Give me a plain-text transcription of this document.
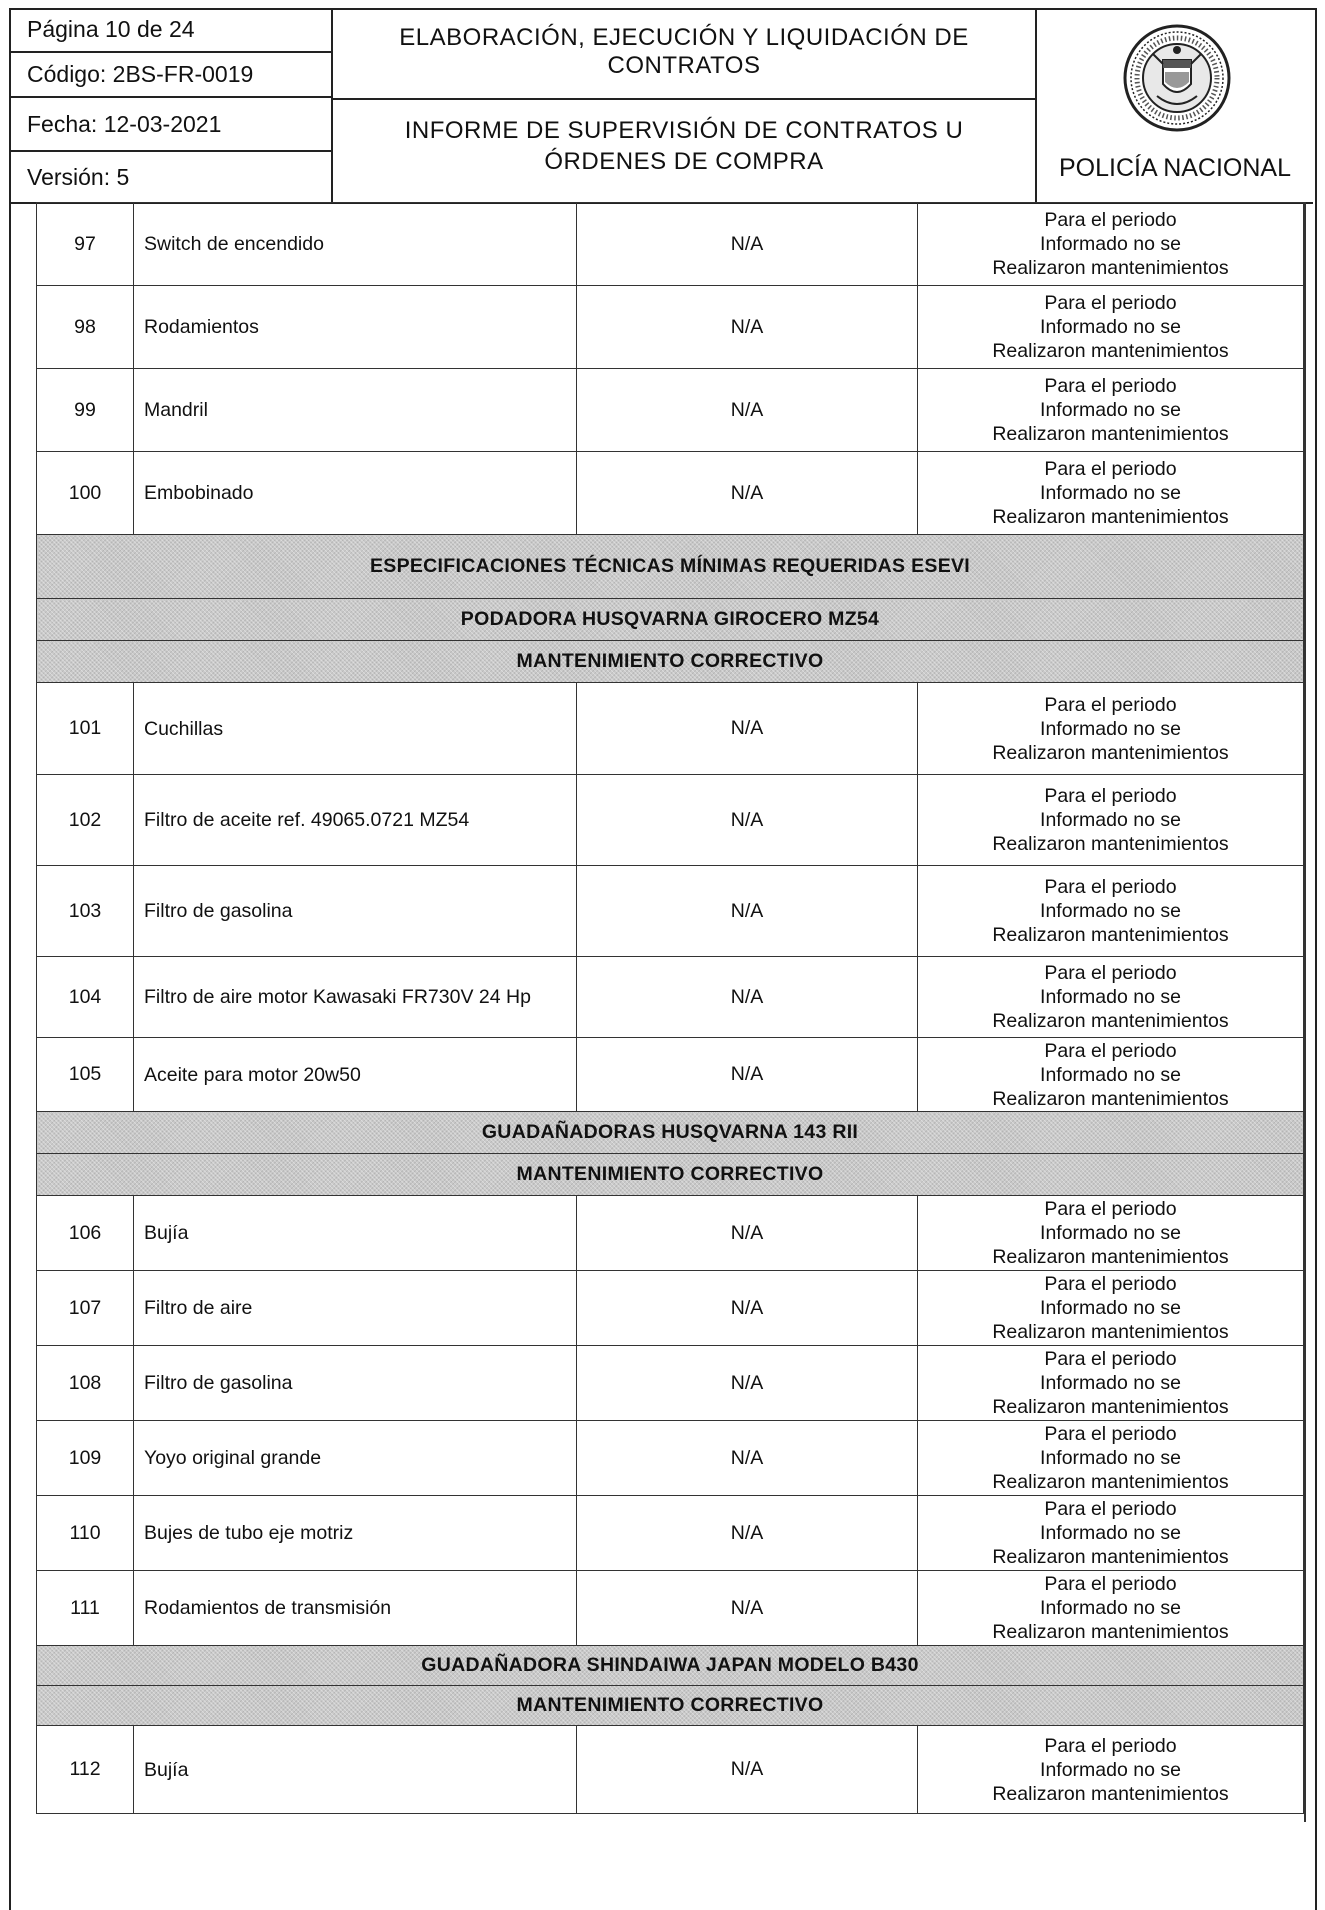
Página 10 de 24
Código: 2BS-FR-0019
Fecha: 12-03-2021
Versión: 5
ELABORACIÓN, EJECUCIÓN Y LIQUIDACIÓN DE
CONTRATOS
INFORME DE SUPERVISIÓN DE CONTRATOS U
ÓRDENES DE COMPRA	POLICÍA NACIONAL
97	Switch de encendido	N/A	Para el periodo
Informado no se
Realizaron mantenimientos

98	Rodamientos	N/A	Para el periodo
Informado no se
Realizaron mantenimientos

99	Mandril	N/A	Para el periodo
Informado no se
Realizaron mantenimientos

100	Embobinado	N/A	Para el periodo
Informado no se
Realizaron mantenimientos

ESPECIFICACIONES TÉCNICAS MÍNIMAS REQUERIDAS ESEVI			
PODADORA HUSQVARNA GIROCERO MZ54			
MANTENIMIENTO CORRECTIVO			
101	Cuchillas	N/A	Para el periodo
Informado no se
Realizaron mantenimientos

102	Filtro de aceite ref. 49065.0721 MZ54	N/A	Para el periodo
Informado no se
Realizaron mantenimientos

103	Filtro de gasolina	N/A	Para el periodo
Informado no se
Realizaron mantenimientos

104	Filtro de aire motor Kawasaki FR730V 24 Hp	N/A	Para el periodo
Informado no se
Realizaron mantenimientos

105	Aceite para motor 20w50	N/A	Para el periodo
Informado no se
Realizaron mantenimientos

GUADAÑADORAS HUSQVARNA 143 RII			
MANTENIMIENTO CORRECTIVO			
106	Bujía	N/A	Para el periodo
Informado no se
Realizaron mantenimientos

107	Filtro de aire	N/A	Para el periodo
Informado no se
Realizaron mantenimientos

108	Filtro de gasolina	N/A	Para el periodo
Informado no se
Realizaron mantenimientos

109	Yoyo original grande	N/A	Para el periodo
Informado no se
Realizaron mantenimientos

110	Bujes de tubo eje motriz	N/A	Para el periodo
Informado no se
Realizaron mantenimientos

111	Rodamientos de transmisión	N/A	Para el periodo
Informado no se
Realizaron mantenimientos

GUADAÑADORA SHINDAIWA JAPAN MODELO B430			
MANTENIMIENTO CORRECTIVO			
112	Bujía	N/A	Para el periodo
Informado no se
Realizaron mantenimientos
